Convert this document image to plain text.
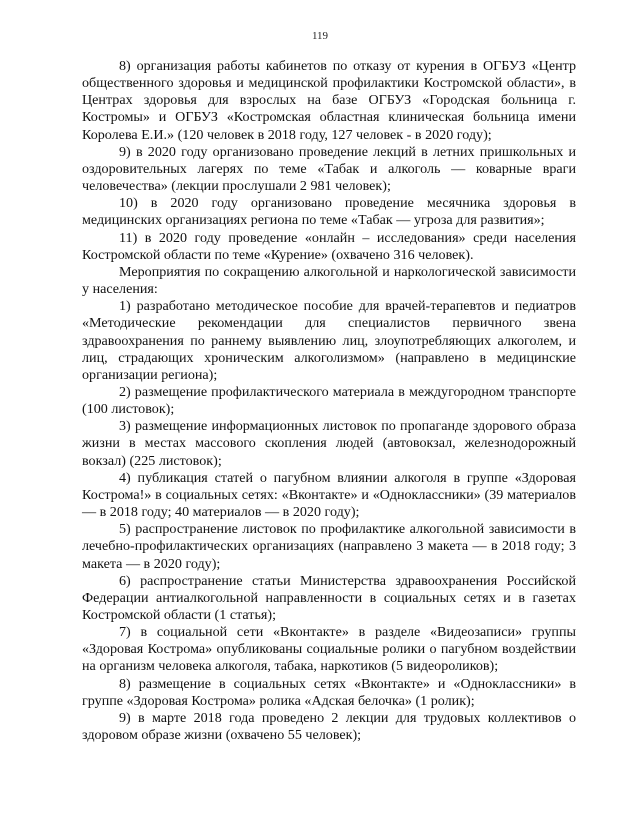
119

8) организация работы кабинетов по отказу от курения в ОГБУЗ «Центр общественного здоровья и медицинской профилактики Костромской области», в Центрах здоровья для взрослых на базе ОГБУЗ «Городская больница г. Костромы» и ОГБУЗ «Костромская областная клиническая больница имени Королева Е.И.» (120 человек в 2018 году, 127 человек - в 2020 году);

9) в 2020 году организовано проведение лекций в летних пришкольных и оздоровительных лагерях по теме «Табак и алкоголь — коварные враги человечества» (лекции прослушали 2 981 человек);

10) в 2020 году организовано проведение месячника здоровья в медицинских организациях региона по теме «Табак — угроза для развития»;

11) в 2020 году проведение «онлайн – исследования» среди населения Костромской области по теме «Курение» (охвачено 316 человек).

Мероприятия по сокращению алкогольной и наркологической зависимости у населения:

1) разработано методическое пособие для врачей-терапевтов и педиатров «Методические рекомендации для специалистов первичного звена здравоохранения по раннему выявлению лиц, злоупотребляющих алкоголем, и лиц, страдающих хроническим алкоголизмом» (направлено в медицинские организации региона);

2) размещение профилактического материала в междугородном транспорте (100 листовок);

3) размещение информационных листовок по пропаганде здорового образа жизни в местах массового скопления людей (автовокзал, железнодорожный вокзал) (225 листовок);

4) публикация статей о пагубном влиянии алкоголя в группе «Здоровая Кострома!» в социальных сетях: «Вконтакте» и «Одноклассники» (39 материалов — в 2018 году; 40 материалов — в 2020 году);

5) распространение листовок по профилактике алкогольной зависимости в лечебно-профилактических организациях (направлено 3 макета — в 2018 году; 3 макета — в 2020 году);

6) распространение статьи Министерства здравоохранения Российской Федерации антиалкогольной направленности в социальных сетях и в газетах Костромской области (1 статья);

7) в социальной сети «Вконтакте» в разделе «Видеозаписи» группы «Здоровая Кострома» опубликованы социальные ролики о пагубном воздействии на организм человека алкоголя, табака, наркотиков (5 видеороликов);

8) размещение в социальных сетях «Вконтакте» и «Одноклассники» в группе «Здоровая Кострома» ролика «Адская белочка» (1 ролик);

9) в марте 2018 года проведено 2 лекции для трудовых коллективов о здоровом образе жизни (охвачено 55 человек);
